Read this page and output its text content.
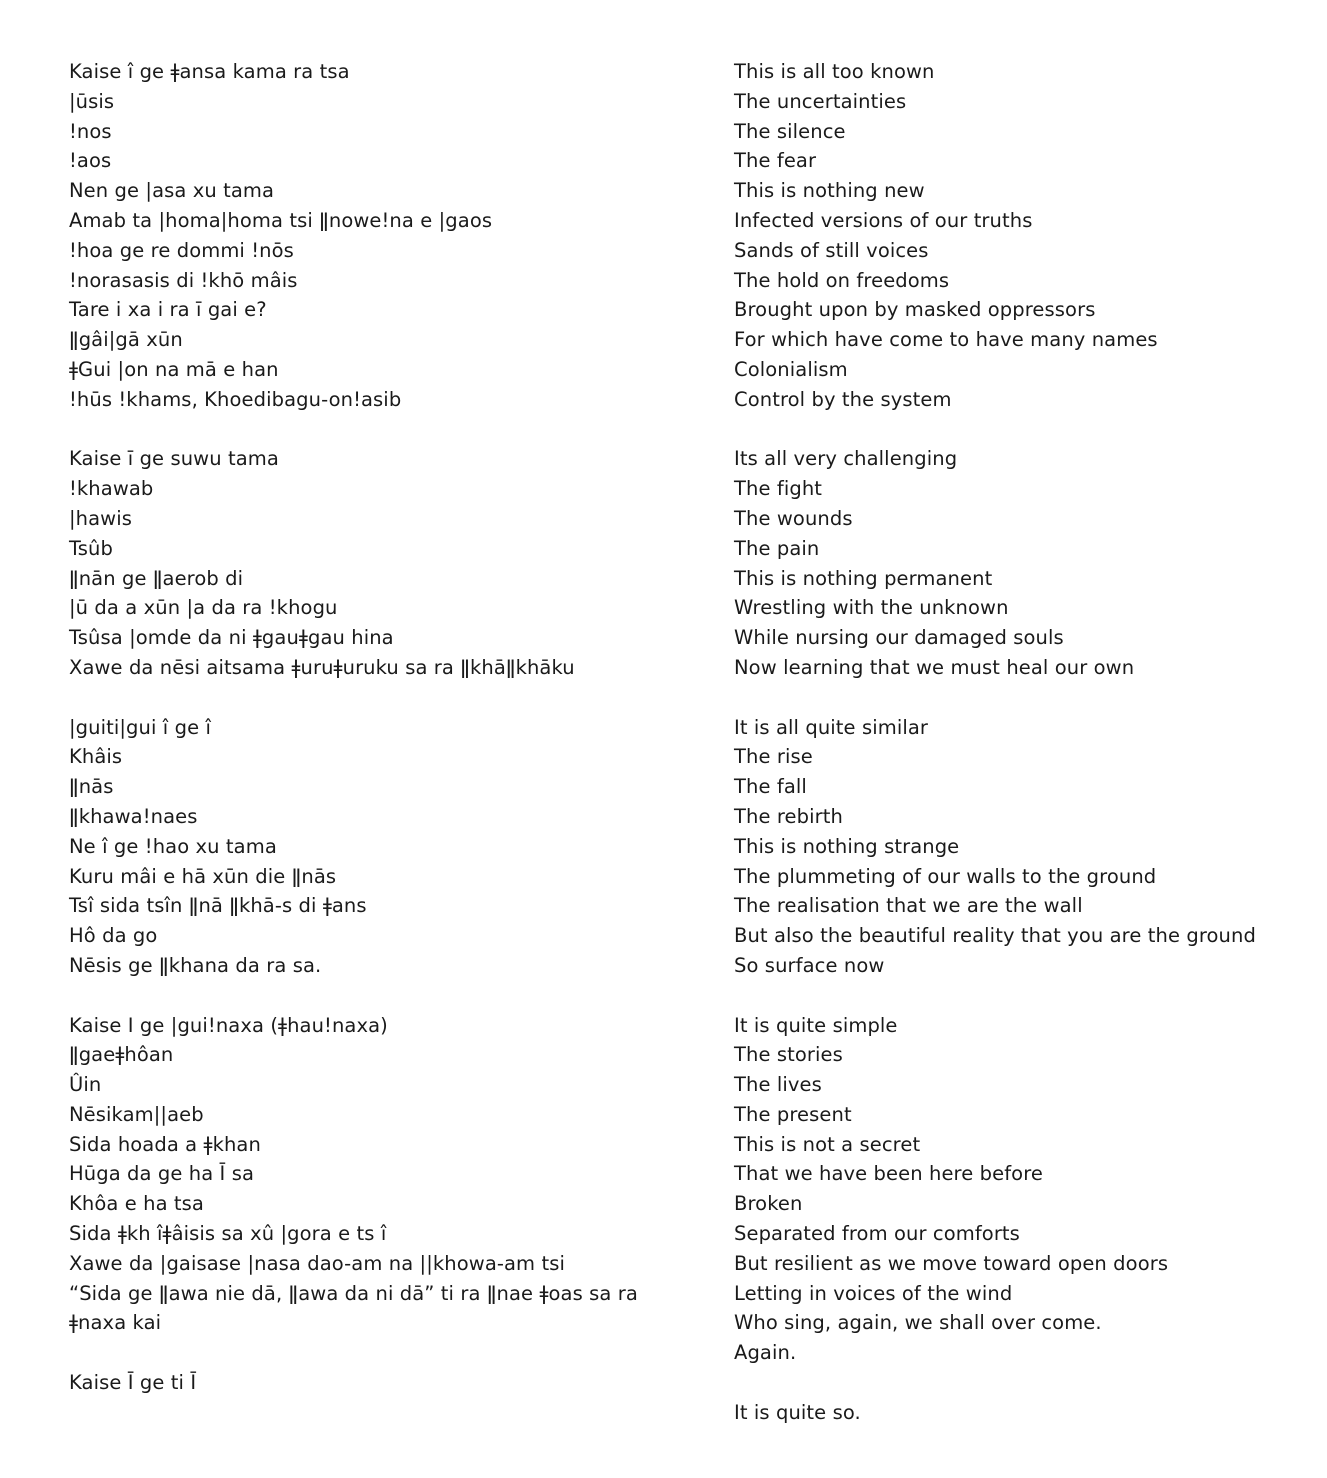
Kaise î ge ǂansa kama ra tsa
|ūsis
!nos
!aos
Nen ge |asa xu tama
Amab ta |homa|homa tsi ǁnowe!na e |gaos
!hoa ge re dommi !nōs
!norasasis di !khō mâis
Tare i xa i ra ī gai e?
ǁgâi|gā xūn
ǂGui |on na mā e han
!hūs !khams, Khoedibagu-on!asib
Kaise ī ge suwu tama
!khawab
|hawis
Tsûb
ǁnān ge ǁaerob di
|ū da a xūn |a da ra !khogu
Tsûsa |omde da ni ǂgauǂgau hina
Xawe da nēsi aitsama ǂuruǂuruku sa ra ǁkhāǁkhāku
|guiti|gui î ge î
Khâis
ǁnās
ǁkhawa!naes
Ne î ge !hao xu tama
Kuru mâi e hā xūn die ǁnās
Tsî sida tsîn ǁnā ǁkhā-s di ǂans
Hô da go
Nēsis ge ǁkhana da ra sa.
Kaise I ge |gui!naxa (ǂhau!naxa)
ǁgaeǂhôan
Ûin
Nēsikam||aeb
Sida hoada a ǂkhan
Hūga da ge ha Ī sa
Khôa e ha tsa
Sida ǂkh îǂâisis sa xû |gora e ts î
Xawe da |gaisase |nasa dao-am na ||khowa-am tsi
“Sida ge ǁawa nie dā, ǁawa da ni dā” ti ra ǁnae ǂoas sa ra
ǂnaxa kai
Kaise Ī ge ti Ī
This is all too known
The uncertainties
The silence
The fear
This is nothing new
Infected versions of our truths
Sands of still voices
The hold on freedoms
Brought upon by masked oppressors
For which have come to have many names
Colonialism
Control by the system
Its all very challenging
The fight
The wounds
The pain
This is nothing permanent
Wrestling with the unknown
While nursing our damaged souls
Now learning that we must heal our own
It is all quite similar
The rise
The fall
The rebirth
This is nothing strange
The plummeting of our walls to the ground
The realisation that we are the wall
But also the beautiful reality that you are the ground
So surface now
It is quite simple
The stories
The lives
The present
This is not a secret
That we have been here before
Broken
Separated from our comforts
But resilient as we move toward open doors
Letting in voices of the wind
Who sing, again, we shall over come.
Again.
It is quite so.
